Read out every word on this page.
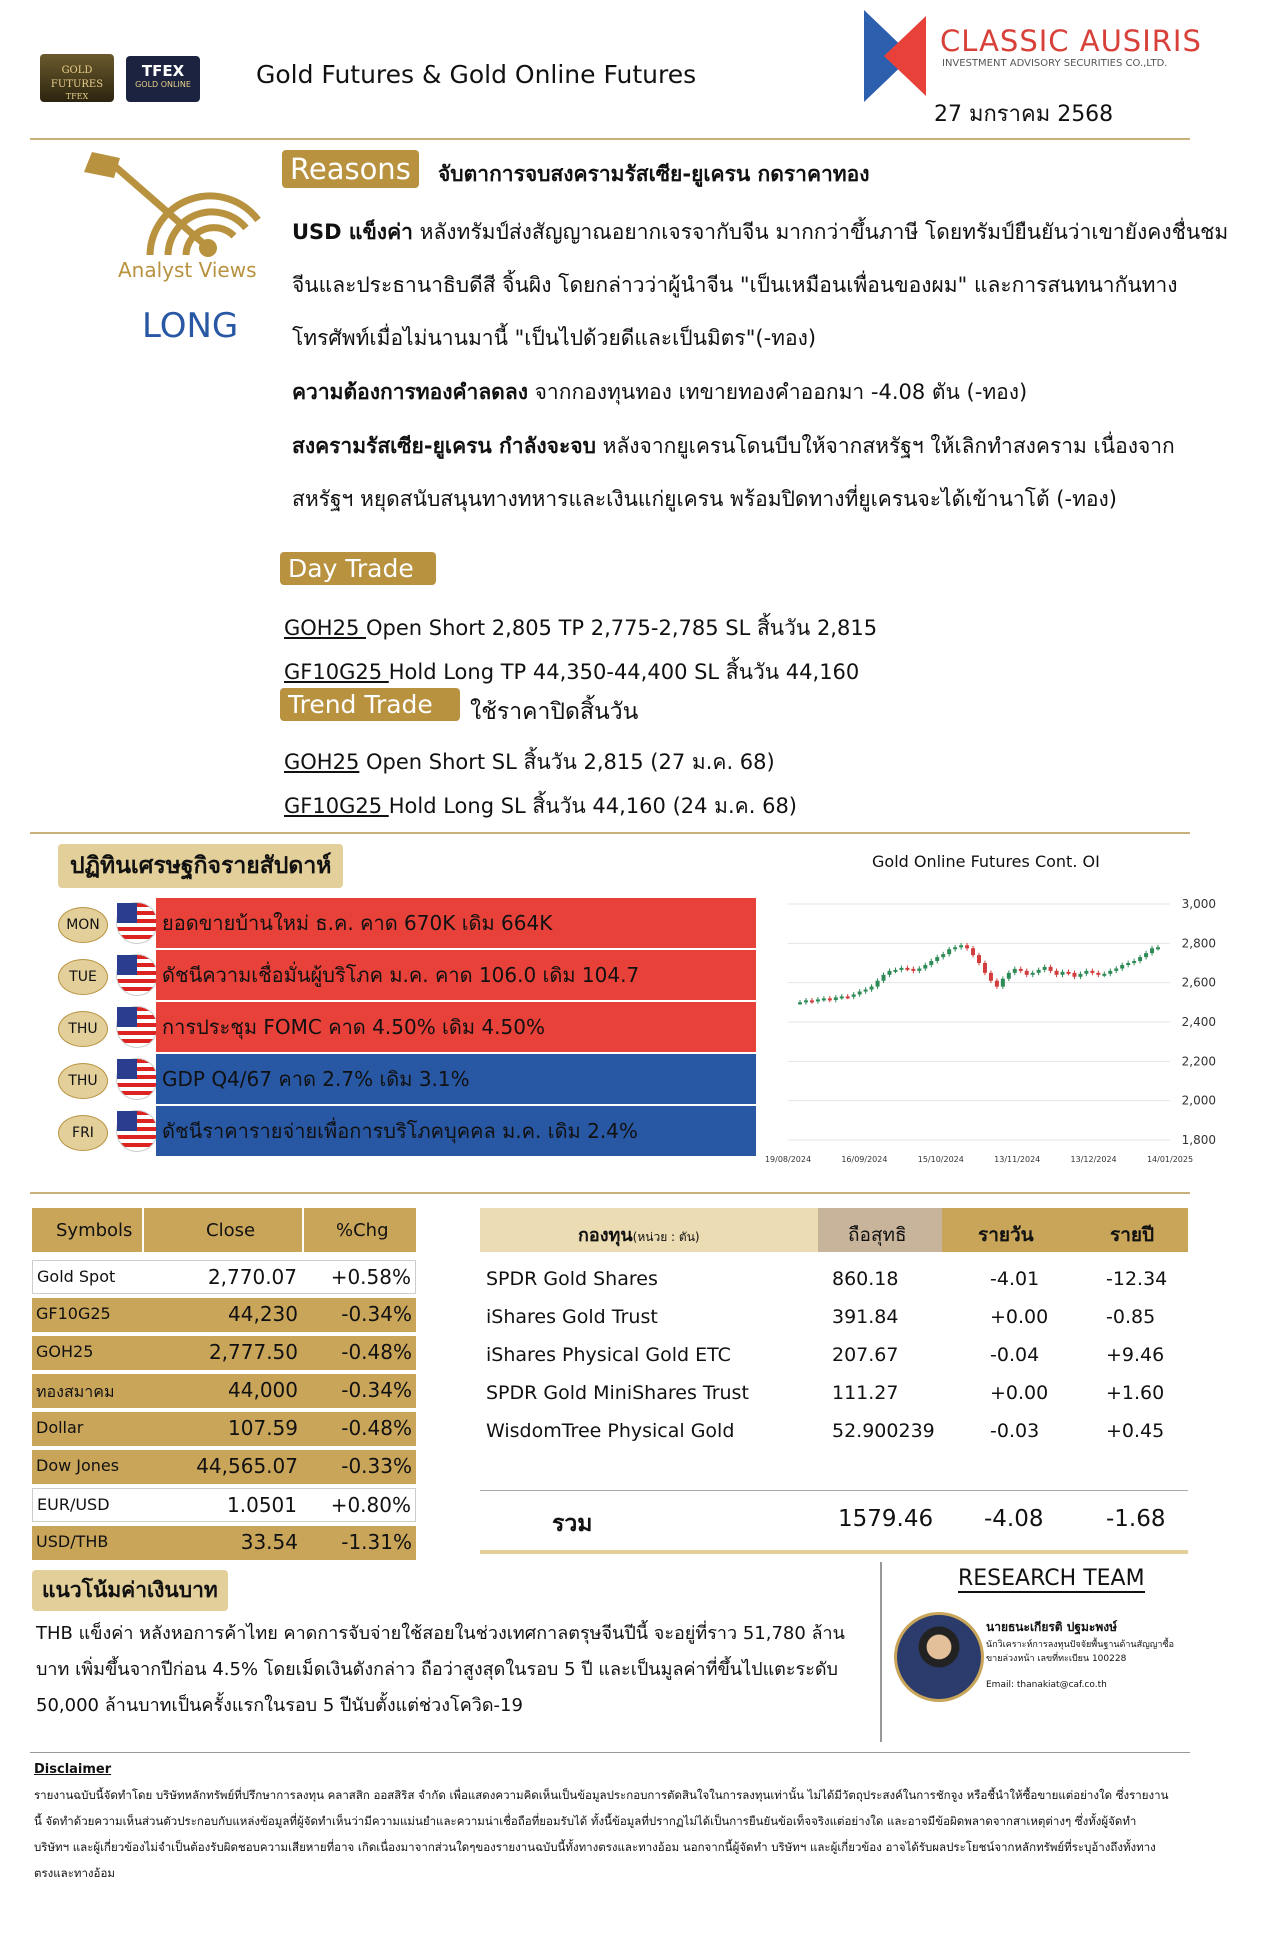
GOLD FUTURES
TFEX
TFEX
GOLD ONLINE	Gold Futures & Gold Online Futures
CLASSIC AUSIRIS
INVESTMENT ADVISORY SECURITIES CO.,LTD.
27 มกราคม 2568
Analyst Views
LONG
Reasons	จับตาการจบสงครามรัสเซีย-ยูเครน กดราคาทอง
USD แข็งค่า หลังทรัมป์ส่งสัญญาณอยากเจรจากับจีน มากกว่าขึ้นภาษี โดยทรัมป์ยืนยันว่าเขายังคงชื่นชมจีนและประธานาธิบดีสี จิ้นผิง โดยกล่าวว่าผู้นำจีน "เป็นเหมือนเพื่อนของผม" และการสนทนากันทางโทรศัพท์เมื่อไม่นานมานี้ "เป็นไปด้วยดีและเป็นมิตร"(-ทอง)
ความต้องการทองคำลดลง จากกองทุนทอง เทขายทองคำออกมา -4.08 ตัน (-ทอง)
สงครามรัสเซีย-ยูเครน กำลังจะจบ หลังจากยูเครนโดนบีบให้จากสหรัฐฯ ให้เลิกทำสงคราม เนื่องจากสหรัฐฯ หยุดสนับสนุนทางทหารและเงินแก่ยูเครน พร้อมปิดทางที่ยูเครนจะได้เข้านาโต้ (-ทอง)
Day Trade
GOH25 Open Short 2,805 TP 2,775-2,785 SL สิ้นวัน 2,815
GF10G25 Hold Long TP 44,350-44,400 SL สิ้นวัน 44,160
Trend Trade	ใช้ราคาปิดสิ้นวัน
GOH25 Open Short SL สิ้นวัน 2,815 (27 ม.ค. 68)
GF10G25 Hold Long SL สิ้นวัน 44,160 (24 ม.ค. 68)
ปฏิทินเศรษฐกิจรายสัปดาห์
MON	ยอดขายบ้านใหม่ ธ.ค. คาด 670K เดิม 664K
TUE	ดัชนีความเชื่อมั่นผู้บริโภค ม.ค. คาด 106.0 เดิม 104.7
THU	การประชุม FOMC คาด 4.50% เดิม 4.50%
THU	GDP Q4/67 คาด 2.7% เดิม 3.1%
FRI	ดัชนีราคารายจ่ายเพื่อการบริโภคบุคคล ม.ค. เดิม 2.4%
Gold Online Futures Cont. OI
3,000
2,800
2,600
2,400
2,200
2,000
1,800
19/08/2024	16/09/2024	15/10/2024	13/11/2024	13/12/2024	14/01/2025
Symbols	Close	%Chg
Gold Spot	2,770.07 +0.58%
GF10G25	44,230 -0.34%
GOH25	2,777.50 -0.48%
ทองสมาคม	44,000 -0.34%
Dollar	107.59 -0.48%
Dow Jones	44,565.07 -0.33%
EUR/USD	1.0501 +0.80%
USD/THB	33.54 -1.31%
กองทุน(หน่วย : ตัน)	ถือสุทธิ	รายวัน	รายปี
SPDR Gold Shares	860.18	-4.01	-12.34
iShares Gold Trust	391.84	+0.00	-0.85
iShares Physical Gold ETC	207.67	-0.04	+9.46
SPDR Gold MiniShares Trust	111.27	+0.00	+1.60
WisdomTree Physical Gold	52.900239	-0.03	+0.45
รวม	1579.46 -4.08	-1.68
แนวโน้มค่าเงินบาท
THB แข็งค่า หลังหอการค้าไทย คาดการจับจ่ายใช้สอยในช่วงเทศกาลตรุษจีนปีนี้ จะอยู่ที่ราว 51,780 ล้านบาท เพิ่มขึ้นจากปีก่อน 4.5% โดยเม็ดเงินดังกล่าว ถือว่าสูงสุดในรอบ 5 ปี และเป็นมูลค่าที่ขึ้นไปแตะระดับ 50,000 ล้านบาทเป็นครั้งแรกในรอบ 5 ปีนับตั้งแต่ช่วงโควิด-19
RESEARCH TEAM
นายธนะเกียรติ ปฐมะพงษ์
นักวิเคราะห์การลงทุนปัจจัยพื้นฐานด้านสัญญาซื้อขายล่วงหน้า เลขที่ทะเบียน 100228
Email: thanakiat@caf.co.th
Disclaimer
รายงานฉบับนี้จัดทำโดย บริษัทหลักทรัพย์ที่ปรึกษาการลงทุน คลาสสิก ออสสิริส จำกัด เพื่อแสดงความคิดเห็นเป็นข้อมูลประกอบการตัดสินใจในการลงทุนเท่านั้น ไม่ได้มีวัตถุประสงค์ในการชักจูง หรือชี้นำให้ซื้อขายแต่อย่างใด ซึ่งรายงานนี้ จัดทำด้วยความเห็นส่วนตัวประกอบกับแหล่งข้อมูลที่ผู้จัดทำเห็นว่ามีความแม่นยำและความน่าเชื่อถือที่ยอมรับได้ ทั้งนี้ข้อมูลที่ปรากฏไม่ได้เป็นการยืนยันข้อเท็จจริงแต่อย่างใด และอาจมีข้อผิดพลาดจากสาเหตุต่างๆ ซึ่งทั้งผู้จัดทำ บริษัทฯ และผู้เกี่ยวข้องไม่จำเป็นต้องรับผิดชอบความเสียหายที่อาจ เกิดเนื่องมาจากส่วนใดๆของรายงานฉบับนี้ทั้งทางตรงและทางอ้อม นอกจากนี้ผู้จัดทำ บริษัทฯ และผู้เกี่ยวข้อง อาจได้รับผลประโยชน์จากหลักทรัพย์ที่ระบุอ้างถึงทั้งทางตรงและทางอ้อม
